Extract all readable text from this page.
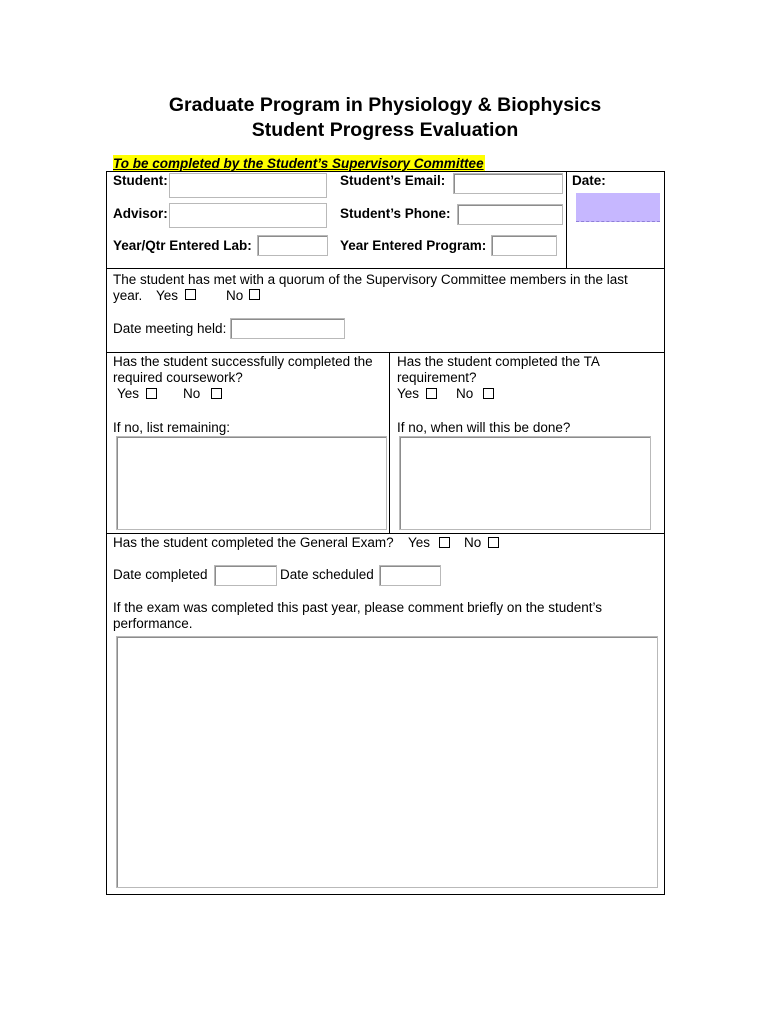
Graduate Program in Physiology & Biophysics
Student Progress Evaluation
To be completed by the Student’s Supervisory Committee
Student:	Student’s Email:	Date:
Advisor:	Student’s Phone:
Year/Qtr Entered Lab:	Year Entered Program:
The student has met with a quorum of the Supervisory Committee members in the last
year. Yes	No
Date meeting held:
Has the student successfully completed the
required coursework?
Yes	No
If no, list remaining:
Has the student completed the TA
requirement?
Yes	No
If no, when will this be done?
Has the student completed the General Exam? Yes	No
Date completed	Date scheduled
If the exam was completed this past year, please comment briefly on the student’s
performance.
